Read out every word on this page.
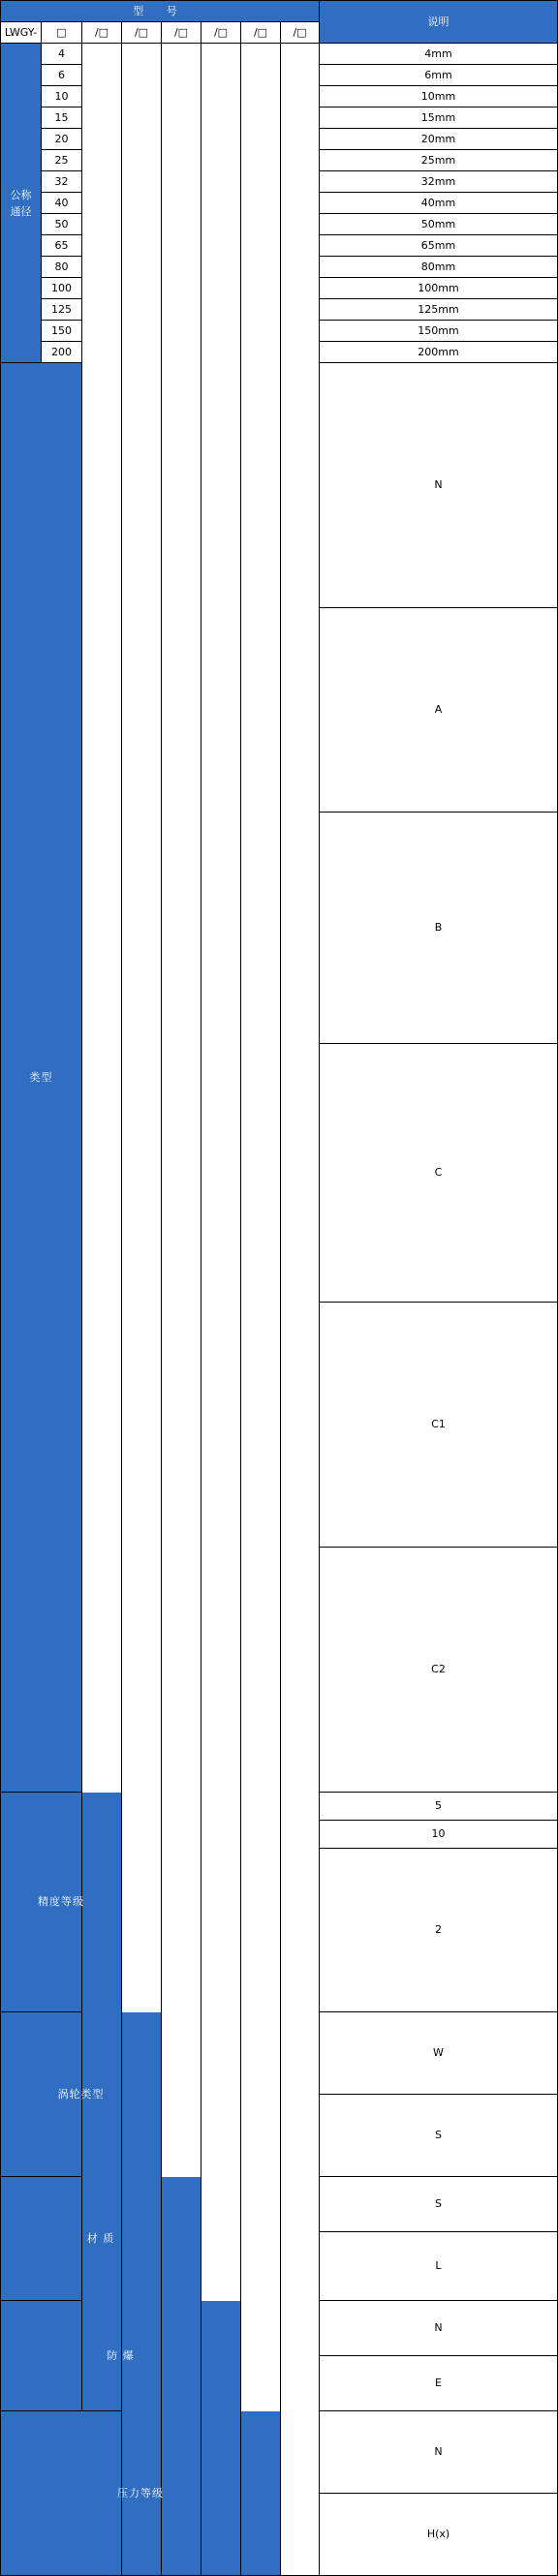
型 号								说明	
LWGY-	□	/□	/□	/□	/□	/□	/□		
公称通径	4							4mm	
	6							6mm	
	10							10mm	
	15							15mm	
	20							20mm	
	25							25mm	
	32							32mm	
	40							40mm	
	50							50mm	
	65							65mm	
	80							80mm	
	100							100mm	
	125							125mm	
	150							150mm	
	200							200mm	
类型								N	

								A	

								B	

								C	

								C1	

								C2	

精度等级								5	
								10	
								2	
涡轮类型								W	
								S	
材 质								S	
								L	
防 爆								N	
								E	
压力等级								N	
								H(x)	
